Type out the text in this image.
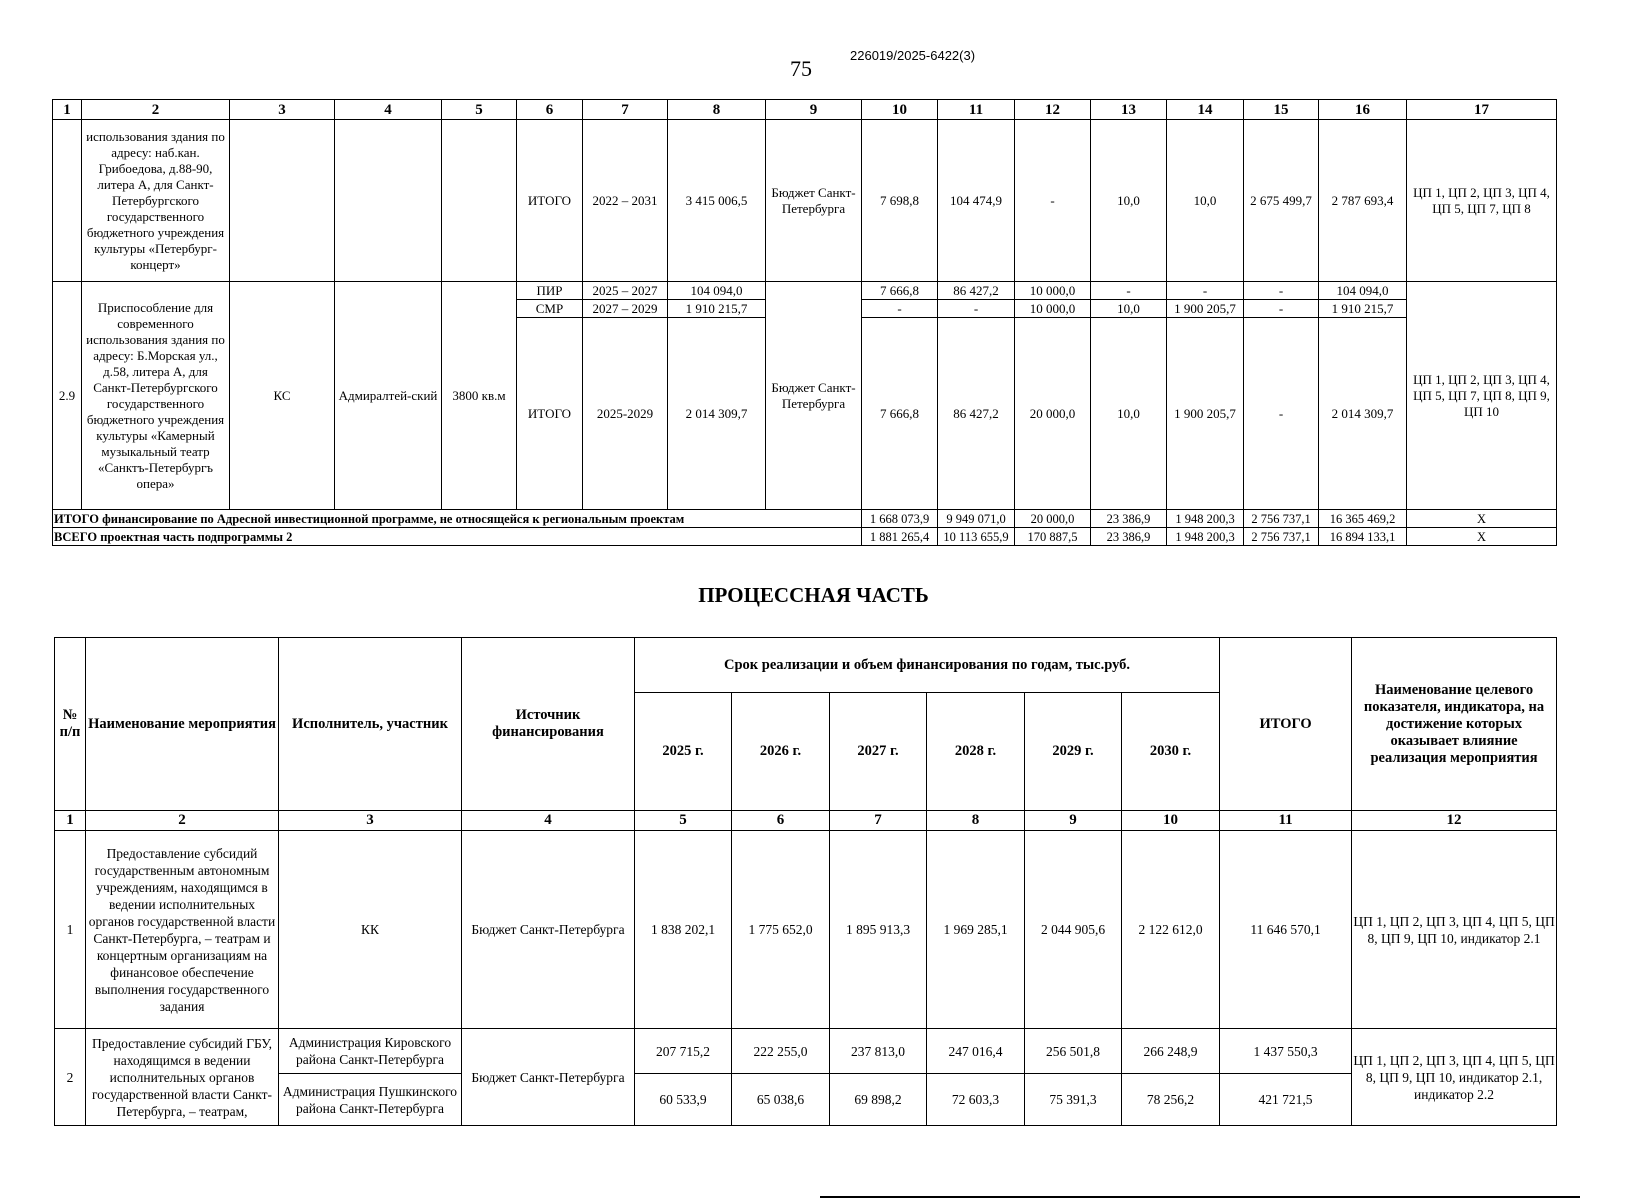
75
226019/2025-6422(3)
1	2	3	4	5	6	7	8	9	10	11	12	13	14	15	16	17
	использования здания по адресу: наб.кан. Грибоедова, д.88-90, литера А, для Санкт-Петербургского государственного бюджетного учреждения культуры «Петербург-концерт»				ИТОГО	2022 – 2031	3 415 006,5	Бюджет Санкт-Петербурга	7 698,8	104 474,9	-	10,0	10,0	2 675 499,7	2 787 693,4	ЦП 1, ЦП 2, ЦП 3, ЦП 4, ЦП 5, ЦП 7, ЦП 8
2.9	Приспособление для современного использования здания по адресу: Б.Морская ул., д.58, литера А, для Санкт-Петербургского государственного бюджетного учреждения культуры «Камерный музыкальный театр «Санктъ-Петербургъ опера»	КС	Адмиралтей-ский	3800 кв.м	ПИР	2025 – 2027	104 094,0	Бюджет Санкт-Петербурга	7 666,8	86 427,2	10 000,0	-	-	-	104 094,0	ЦП 1, ЦП 2, ЦП 3, ЦП 4, ЦП 5, ЦП 7, ЦП 8, ЦП 9, ЦП 10
					СМР	2027 – 2029	1 910 215,7		-	-	10 000,0	10,0	1 900 205,7	-	1 910 215,7	
					ИТОГО	2025-2029	2 014 309,7		7 666,8	86 427,2	20 000,0	10,0	1 900 205,7	-	2 014 309,7	
ИТОГО финансирование по Адресной инвестиционной программе, не относящейся к региональным проектам									1 668 073,9	9 949 071,0	20 000,0	23 386,9	1 948 200,3	2 756 737,1	16 365 469,2	X
ВСЕГО проектная часть подпрограммы 2									1 881 265,4	10 113 655,9	170 887,5	23 386,9	1 948 200,3	2 756 737,1	16 894 133,1	X
ПРОЦЕССНАЯ ЧАСТЬ
№ п/п	Наименование мероприятия	Исполнитель, участник	Источник финансирования	Срок реализации и объем финансирования по годам, тыс.руб.						ИТОГО	Наименование целевого показателя, индикатора, на достижение которых оказывает влияние реализация мероприятия
				2025 г.	2026 г.	2027 г.	2028 г.	2029 г.	2030 г.		
1	2	3	4	5	6	7	8	9	10	11	12
1	Предоставление субсидий государственным автономным учреждениям, находящимся в ведении исполнительных органов государственной власти Санкт-Петербурга, – театрам и концертным организациям на финансовое обеспечение выполнения государственного задания	КК	Бюджет Санкт-Петербурга	1 838 202,1	1 775 652,0	1 895 913,3	1 969 285,1	2 044 905,6	2 122 612,0	11 646 570,1	ЦП 1, ЦП 2, ЦП 3, ЦП 4, ЦП 5, ЦП 8, ЦП 9, ЦП 10, индикатор 2.1
2	Предоставление субсидий ГБУ, находящимся в ведении исполнительных органов государственной власти Санкт-Петербурга, – театрам,	Администрация Кировского района Санкт-Петербурга	Бюджет Санкт-Петербурга	207 715,2	222 255,0	237 813,0	247 016,4	256 501,8	266 248,9	1 437 550,3	ЦП 1, ЦП 2, ЦП 3, ЦП 4, ЦП 5, ЦП 8, ЦП 9, ЦП 10, индикатор 2.1, индикатор 2.2
		Администрация Пушкинского района Санкт-Петербурга		60 533,9	65 038,6	69 898,2	72 603,3	75 391,3	78 256,2	421 721,5	
